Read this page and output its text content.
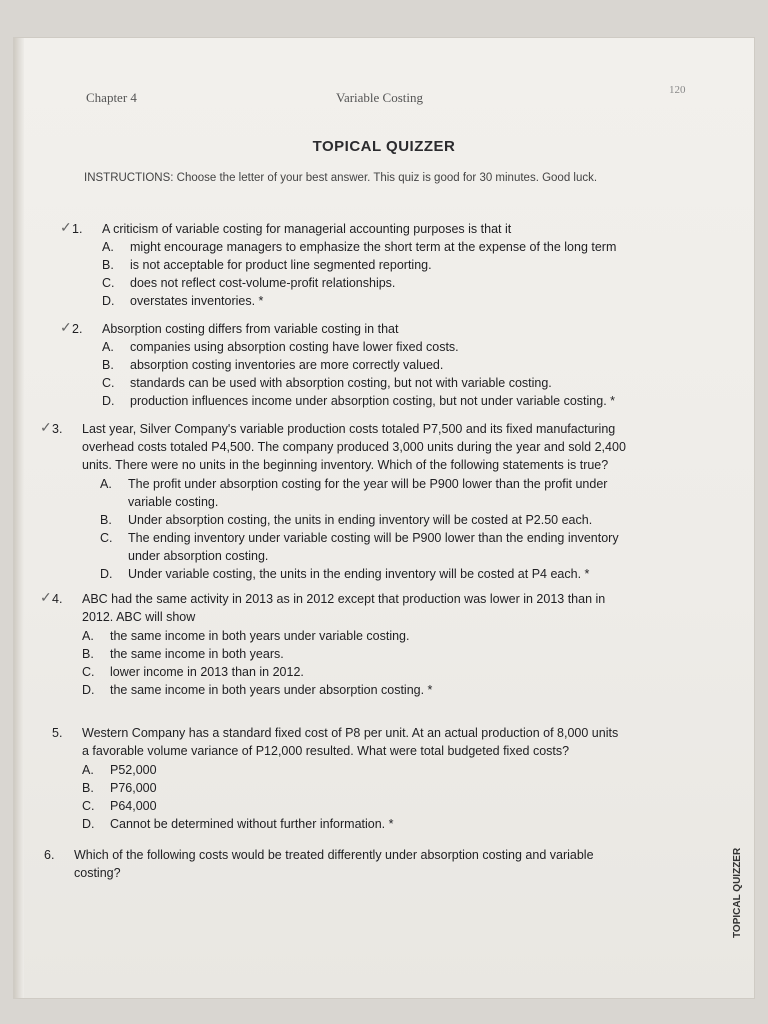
Chapter 4	Variable Costing	120
TOPICAL QUIZZER
INSTRUCTIONS: Choose the letter of your best answer. This quiz is good for 30 minutes. Good luck.
✓ 1.	A criticism of variable costing for managerial accounting purposes is that it
A. might encourage managers to emphasize the short term at the expense of the long term
B. is not acceptable for product line segmented reporting.
C. does not reflect cost-volume-profit relationships.
D. overstates inventories. *
✓ 2.	Absorption costing differs from variable costing in that
A. companies using absorption costing have lower fixed costs.
B. absorption costing inventories are more correctly valued.
C. standards can be used with absorption costing, but not with variable costing.
D. production influences income under absorption costing, but not under variable costing. *
✓ 3.	Last year, Silver Company's variable production costs totaled P7,500 and its fixed manufacturing
overhead costs totaled P4,500. The company produced 3,000 units during the year and sold 2,400
units. There were no units in the beginning inventory. Which of the following statements is true?
A. The profit under absorption costing for the year will be P900 lower than the profit under
variable costing.
B. Under absorption costing, the units in ending inventory will be costed at P2.50 each.
C. The ending inventory under variable costing will be P900 lower than the ending inventory
under absorption costing.
D. Under variable costing, the units in the ending inventory will be costed at P4 each. *
✓ 4.	ABC had the same activity in 2013 as in 2012 except that production was lower in 2013 than in
2012. ABC will show
A. the same income in both years under variable costing.
B. the same income in both years.
C. lower income in 2013 than in 2012.
D. the same income in both years under absorption costing. *
5.	Western Company has a standard fixed cost of P8 per unit. At an actual production of 8,000 units
a favorable volume variance of P12,000 resulted. What were total budgeted fixed costs?
A. P52,000
B. P76,000
C. P64,000
D. Cannot be determined without further information. *
6.	Which of the following costs would be treated differently under absorption costing and variable
costing?	TOPICAL QUIZZER
